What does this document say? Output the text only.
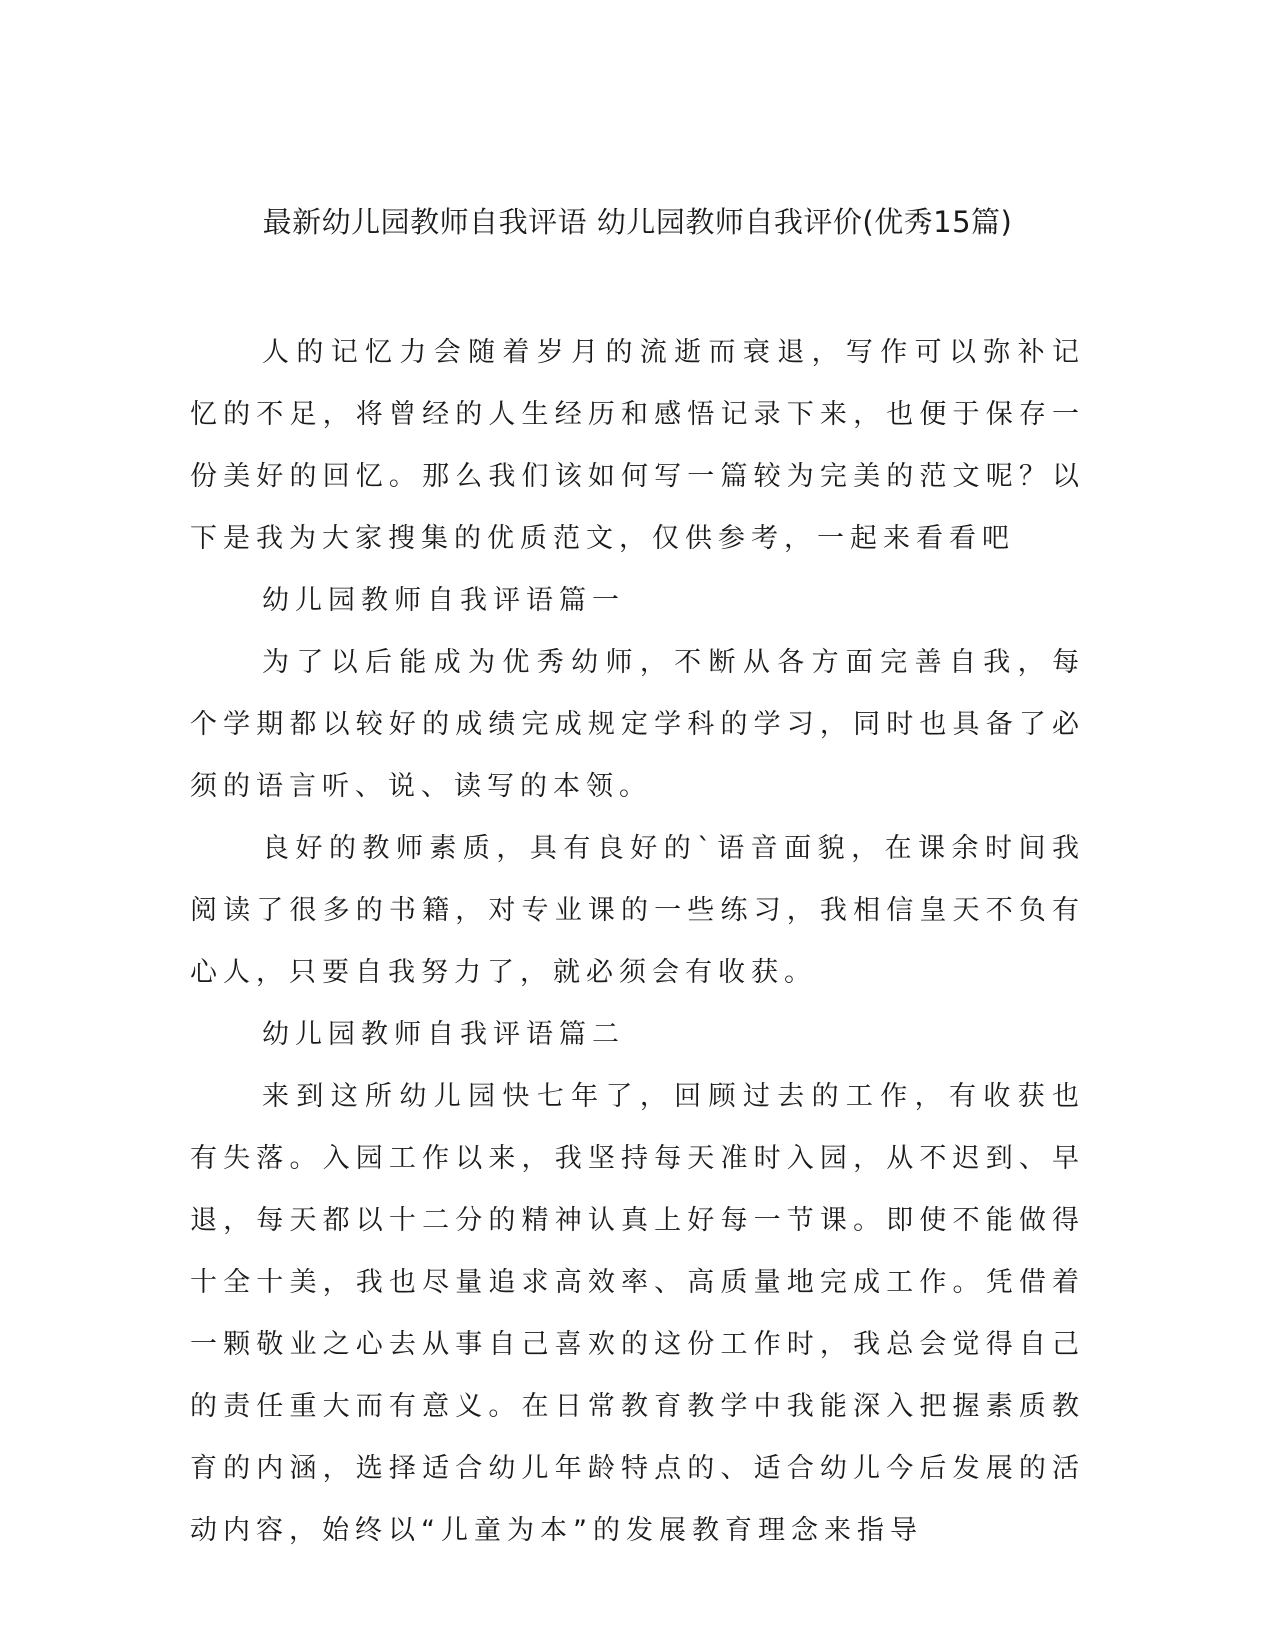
最新幼儿园教师自我评语 幼儿园教师自我评价(优秀15篇)

人的记忆力会随着岁月的流逝而衰退，写作可以弥补记忆的不足，将曾经的人生经历和感悟记录下来，也便于保存一份美好的回忆。那么我们该如何写一篇较为完美的范文呢？以下是我为大家搜集的优质范文，仅供参考，一起来看看吧

幼儿园教师自我评语篇一

为了以后能成为优秀幼师，不断从各方面完善自我，每个学期都以较好的成绩完成规定学科的学习，同时也具备了必须的语言听、说、读写的本领。

良好的教师素质，具有良好的`语音面貌，在课余时间我阅读了很多的书籍，对专业课的一些练习，我相信皇天不负有心人，只要自我努力了，就必须会有收获。

幼儿园教师自我评语篇二

来到这所幼儿园快七年了，回顾过去的工作，有收获也有失落。入园工作以来，我坚持每天准时入园，从不迟到、早退，每天都以十二分的精神认真上好每一节课。即使不能做得十全十美，我也尽量追求高效率、高质量地完成工作。凭借着一颗敬业之心去从事自己喜欢的这份工作时，我总会觉得自己的责任重大而有意义。在日常教育教学中我能深入把握素质教育的内涵，选择适合幼儿年龄特点的、适合幼儿今后发展的活动内容，始终以“儿童为本”的发展教育理念来指导
